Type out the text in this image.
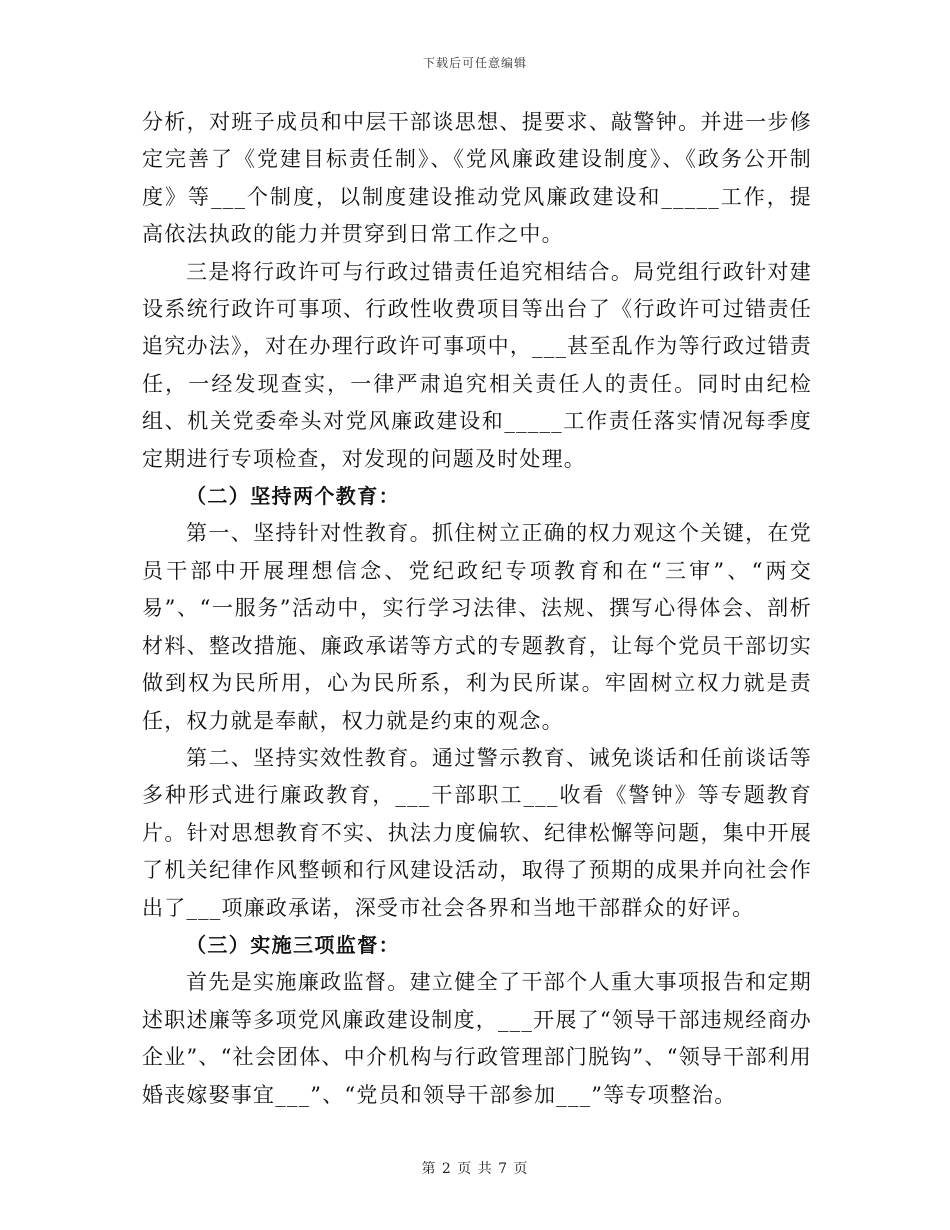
下载后可任意编辑

分析，对班子成员和中层干部谈思想、提要求、敲警钟。并进一步修定完善了《党建目标责任制》、《党风廉政建设制度》、《政务公开制度》等___个制度，以制度建设推动党风廉政建设和_____工作，提高依法执政的能力并贯穿到日常工作之中。

三是将行政许可与行政过错责任追究相结合。局党组行政针对建设系统行政许可事项、行政性收费项目等出台了《行政许可过错责任追究办法》，对在办理行政许可事项中，___甚至乱作为等行政过错责任，一经发现查实，一律严肃追究相关责任人的责任。同时由纪检组、机关党委牵头对党风廉政建设和_____工作责任落实情况每季度定期进行专项检查，对发现的问题及时处理。

（二）坚持两个教育：

第一、坚持针对性教育。抓住树立正确的权力观这个关键，在党员干部中开展理想信念、党纪政纪专项教育和在“三审”、“两交易”、“一服务”活动中，实行学习法律、法规、撰写心得体会、剖析材料、整改措施、廉政承诺等方式的专题教育，让每个党员干部切实做到权为民所用，心为民所系，利为民所谋。牢固树立权力就是责任，权力就是奉献，权力就是约束的观念。

第二、坚持实效性教育。通过警示教育、诫免谈话和任前谈话等多种形式进行廉政教育，___干部职工___收看《警钟》等专题教育片。针对思想教育不实、执法力度偏软、纪律松懈等问题，集中开展了机关纪律作风整顿和行风建设活动，取得了预期的成果并向社会作出了___项廉政承诺，深受市社会各界和当地干部群众的好评。

（三）实施三项监督：

首先是实施廉政监督。建立健全了干部个人重大事项报告和定期述职述廉等多项党风廉政建设制度，___开展了“领导干部违规经商办企业”、“社会团体、中介机构与行政管理部门脱钩”、“领导干部利用婚丧嫁娶事宜___”、“党员和领导干部参加___”等专项整治。

第 2 页 共 7 页
